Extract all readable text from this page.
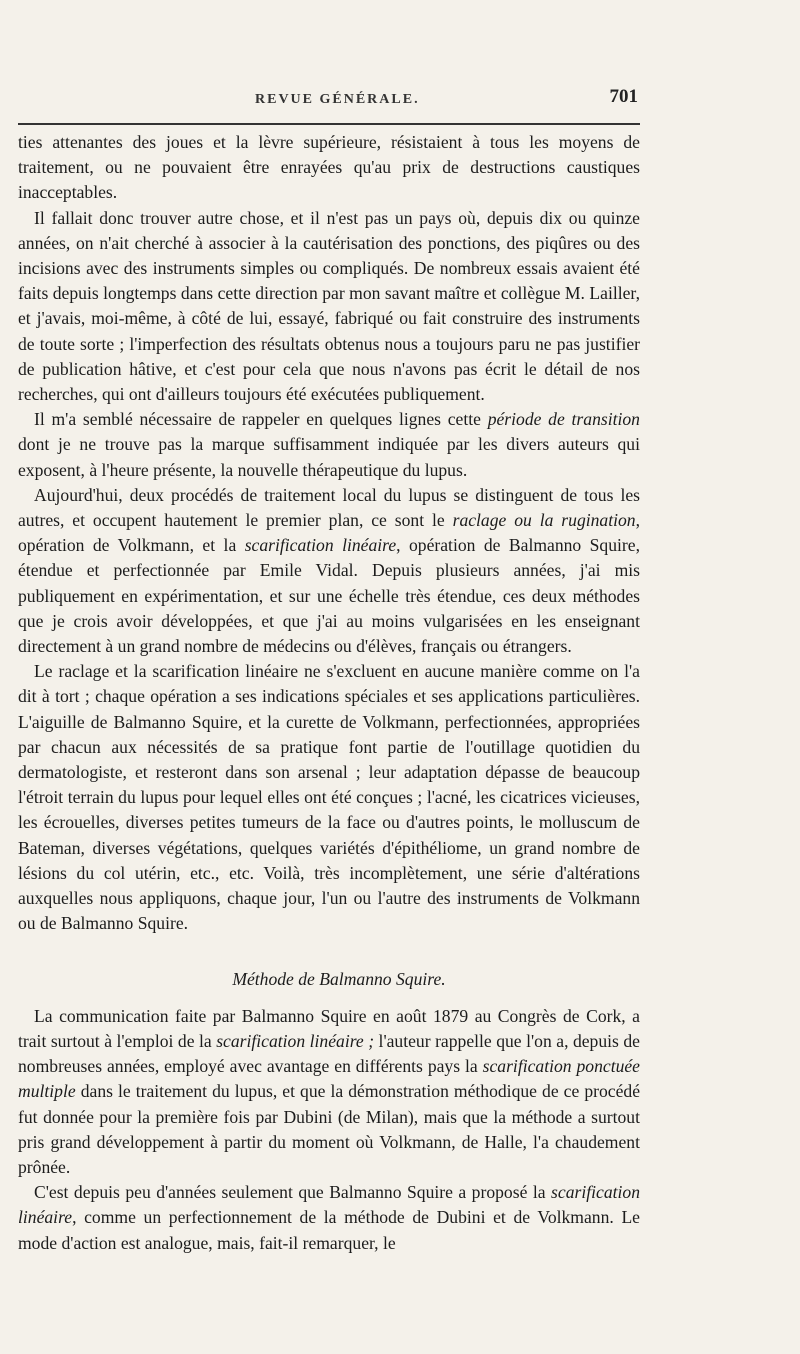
REVUE GÉNÉRALE.	701

ties attenantes des joues et la lèvre supérieure, résistaient à tous les moyens de traitement, ou ne pouvaient être enrayées qu'au prix de destructions caustiques inacceptables.

Il fallait donc trouver autre chose, et il n'est pas un pays où, depuis dix ou quinze années, on n'ait cherché à associer à la cautérisation des ponctions, des piqûres ou des incisions avec des instruments simples ou compliqués. De nombreux essais avaient été faits depuis longtemps dans cette direction par mon savant maître et collègue M. Lailler, et j'avais, moi-même, à côté de lui, essayé, fabriqué ou fait construire des instruments de toute sorte ; l'imperfection des résultats obtenus nous a toujours paru ne pas justifier de publication hâtive, et c'est pour cela que nous n'avons pas écrit le détail de nos recherches, qui ont d'ailleurs toujours été exécutées publiquement.

Il m'a semblé nécessaire de rappeler en quelques lignes cette période de transition dont je ne trouve pas la marque suffisamment indiquée par les divers auteurs qui exposent, à l'heure présente, la nouvelle thérapeutique du lupus.

Aujourd'hui, deux procédés de traitement local du lupus se distinguent de tous les autres, et occupent hautement le premier plan, ce sont le raclage ou la rugination, opération de Volkmann, et la scarification linéaire, opération de Balmanno Squire, étendue et perfectionnée par Emile Vidal. Depuis plusieurs années, j'ai mis publiquement en expérimentation, et sur une échelle très étendue, ces deux méthodes que je crois avoir développées, et que j'ai au moins vulgarisées en les enseignant directement à un grand nombre de médecins ou d'élèves, français ou étrangers.

Le raclage et la scarification linéaire ne s'excluent en aucune manière comme on l'a dit à tort ; chaque opération a ses indications spéciales et ses applications particulières. L'aiguille de Balmanno Squire, et la curette de Volkmann, perfectionnées, appropriées par chacun aux nécessités de sa pratique font partie de l'outillage quotidien du dermatologiste, et resteront dans son arsenal ; leur adaptation dépasse de beaucoup l'étroit terrain du lupus pour lequel elles ont été conçues ; l'acné, les cicatrices vicieuses, les écrouelles, diverses petites tumeurs de la face ou d'autres points, le molluscum de Bateman, diverses végétations, quelques variétés d'épithéliome, un grand nombre de lésions du col utérin, etc., etc. Voilà, très incomplètement, une série d'altérations auxquelles nous appliquons, chaque jour, l'un ou l'autre des instruments de Volkmann ou de Balmanno Squire.

Méthode de Balmanno Squire.

La communication faite par Balmanno Squire en août 1879 au Congrès de Cork, a trait surtout à l'emploi de la scarification linéaire ; l'auteur rappelle que l'on a, depuis de nombreuses années, employé avec avantage en différents pays la scarification ponctuée multiple dans le traitement du lupus, et que la démonstration méthodique de ce procédé fut donnée pour la première fois par Dubini (de Milan), mais que la méthode a surtout pris grand développement à partir du moment où Volkmann, de Halle, l'a chaudement prônée.

C'est depuis peu d'années seulement que Balmanno Squire a proposé la scarification linéaire, comme un perfectionnement de la méthode de Dubini et de Volkmann. Le mode d'action est analogue, mais, fait-il remarquer, le
